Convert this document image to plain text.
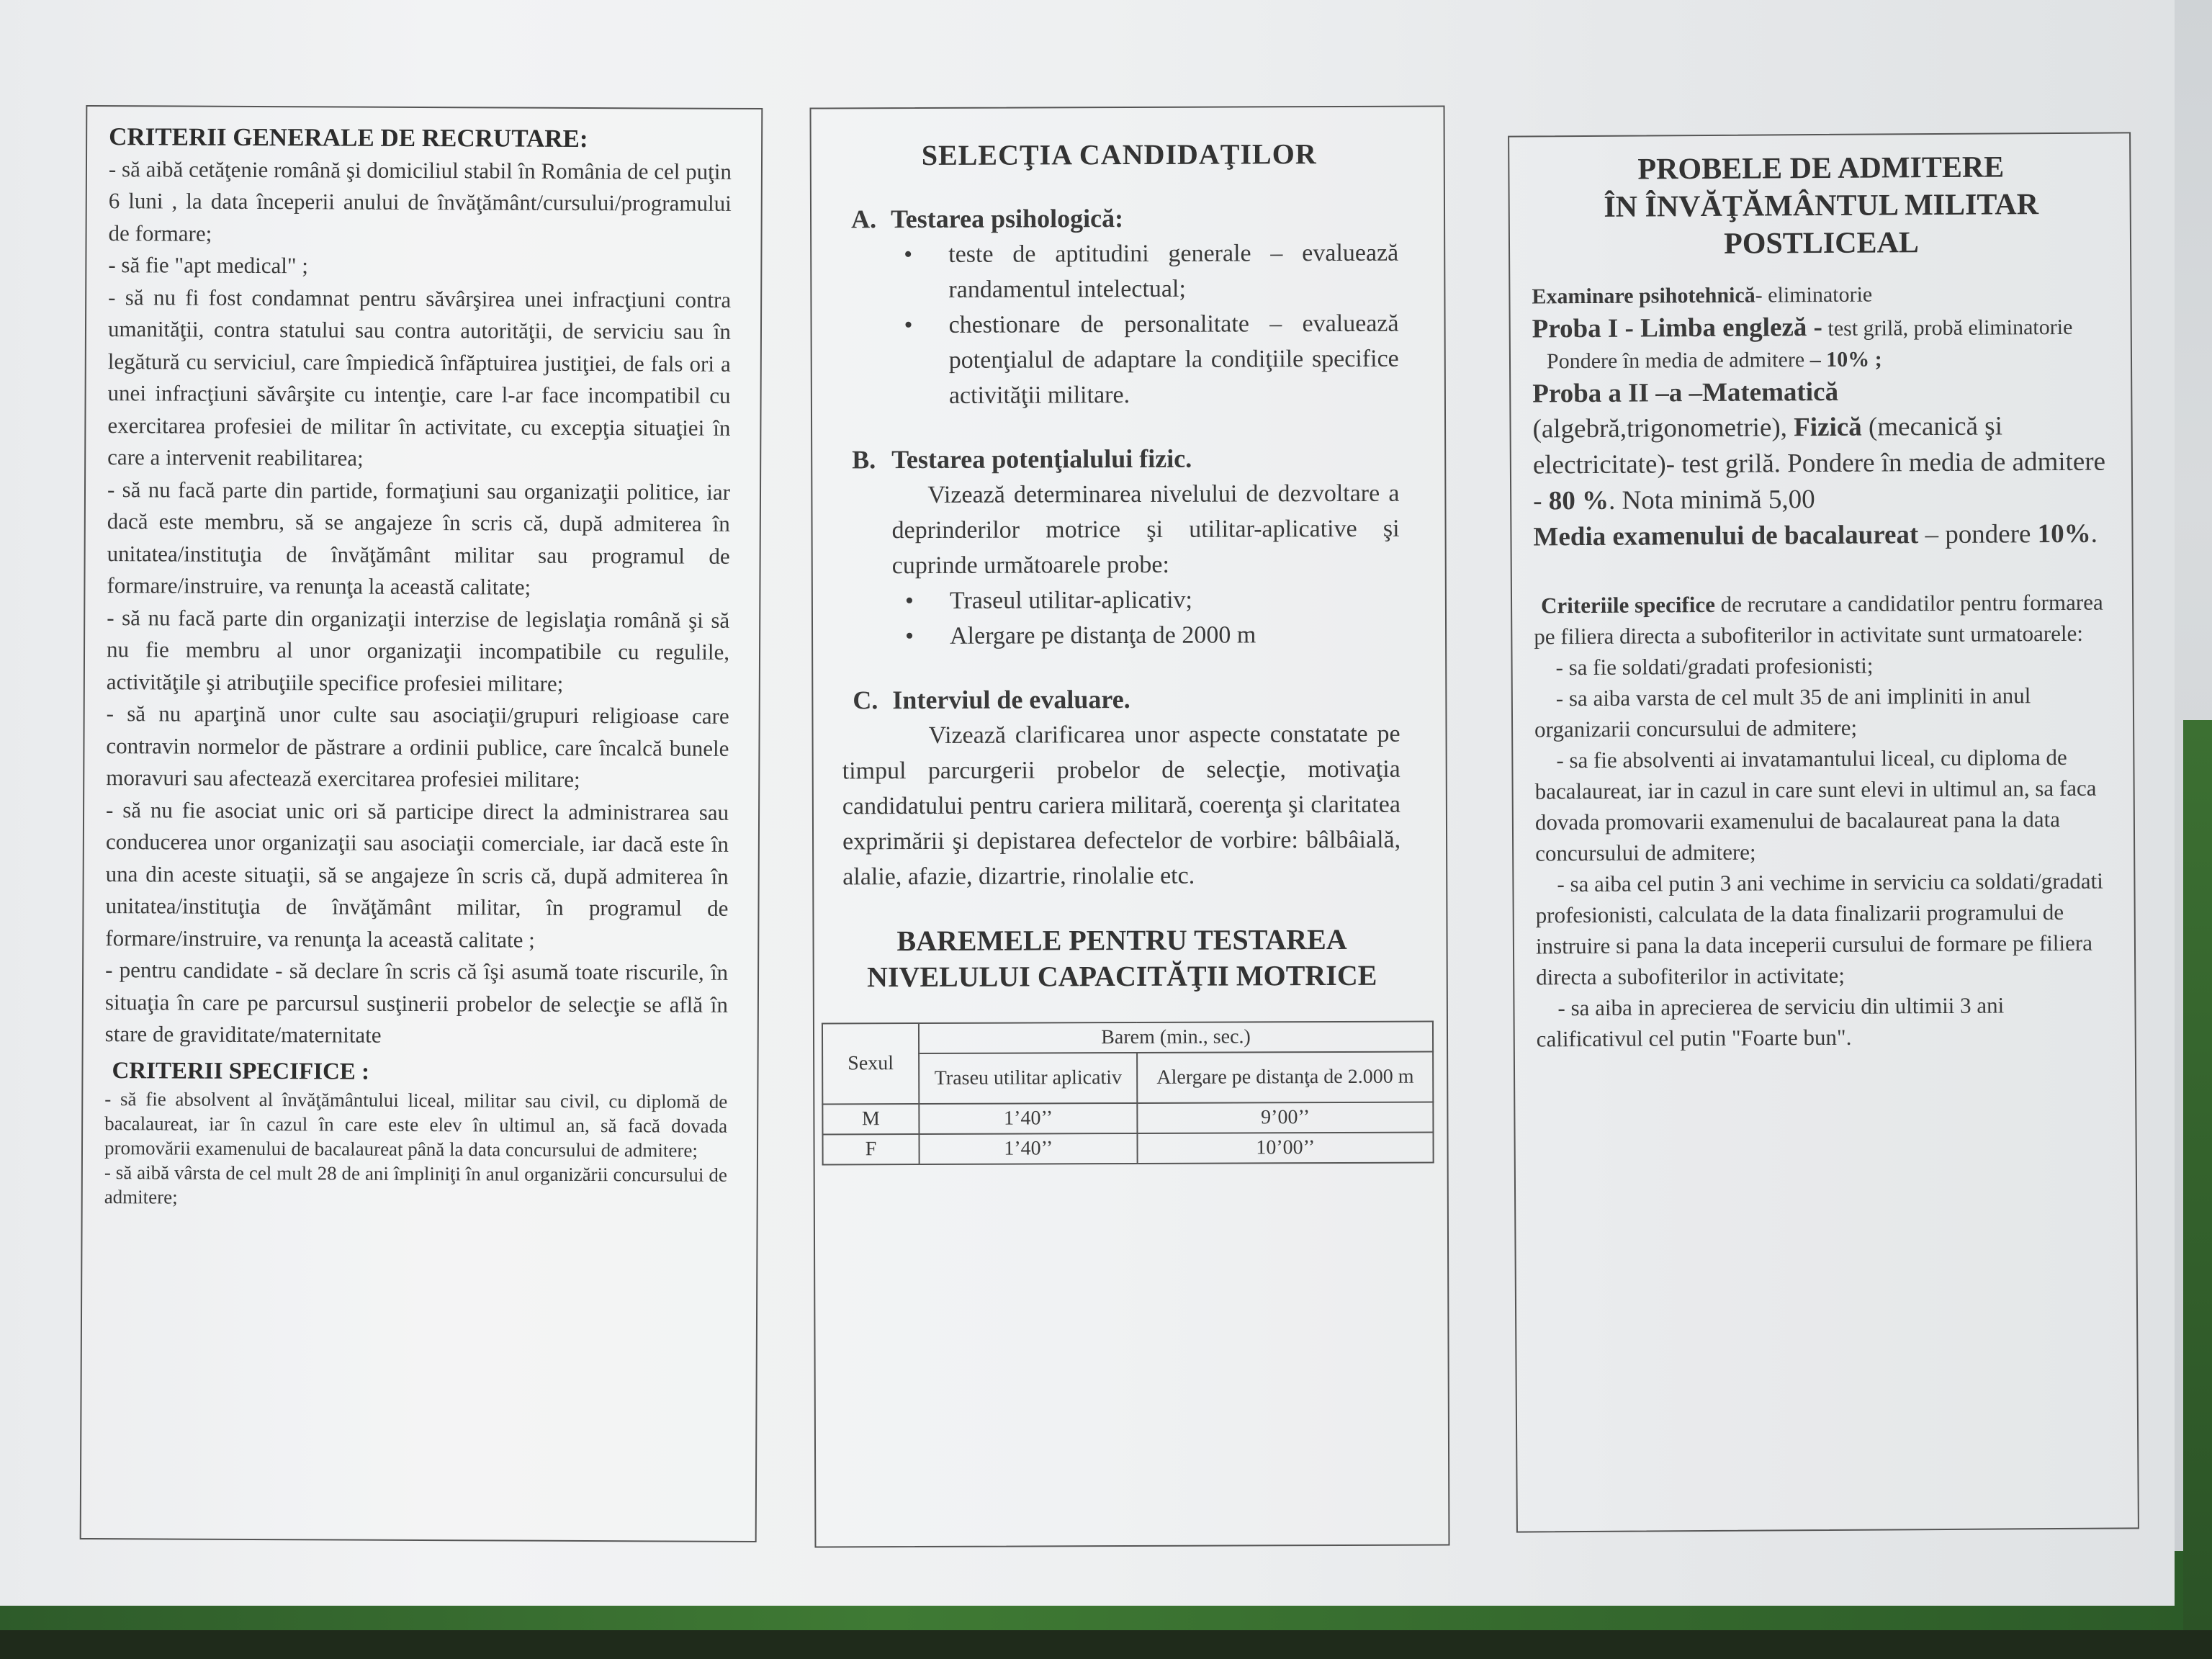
CRITERII GENERALE DE RECRUTARE:

- să aibă cetăţenie română şi domiciliul stabil în România de cel puţin 6 luni , la data începerii anului de învăţământ/cursului/programului de formare;

- să fie "apt medical" ;

- să nu fi fost condamnat pentru săvârşirea unei infracţiuni contra umanităţii, contra statului sau contra autorităţii, de serviciu sau în legătură cu serviciul, care împiedică înfăptuirea justiţiei, de fals ori a unei infracţiuni săvârşite cu intenţie, care l-ar face incompatibil cu exercitarea profesiei de militar în activitate, cu excepţia situaţiei în care a intervenit reabilitarea;

- să nu facă parte din partide, formaţiuni sau organizaţii politice, iar dacă este membru, să se angajeze în scris că, după admiterea în unitatea/instituţia de învăţământ militar sau programul de formare/instruire, va renunţa la această calitate;

- să nu facă parte din organizaţii interzise de legislaţia română şi să nu fie membru al unor organizaţii incompatibile cu regulile, activităţile şi atribuţiile specifice profesiei militare;

- să nu aparţină unor culte sau asociaţii/grupuri religioase care contravin normelor de păstrare a ordinii publice, care încalcă bunele moravuri sau afectează exercitarea profesiei militare;

- să nu fie asociat unic ori să participe direct la administrarea sau conducerea unor organizaţii sau asociaţii comerciale, iar dacă este în una din aceste situaţii, să se angajeze în scris că, după admiterea în unitatea/instituţia de învăţământ militar, în programul de formare/instruire, va renunţa la această calitate ;

- pentru candidate - să declare în scris că îşi asumă toate riscurile, în situaţia în care pe parcursul susţinerii probelor de selecţie se află în stare de graviditate/maternitate

CRITERII SPECIFICE :

- să fie absolvent al învăţământului liceal, militar sau civil, cu diplomă de bacalaureat, iar în cazul în care este elev în ultimul an, să facă dovada promovării examenului de bacalaureat până la data concursului de admitere;

- să aibă vârsta de cel mult 28 de ani împliniţi în anul organizării concursului de admitere;

SELECŢIA CANDIDAŢILOR
A. Testarea psihologică:
• teste de aptitudini generale – evaluează randamentul intelectual;
• chestionare de personalitate – evaluează potenţialul de adaptare la condiţiile specifice activităţii militare.
B. Testarea potenţialului fizic.
Vizează determinarea nivelului de dezvoltare a deprinderilor motrice şi utilitar-aplicative şi cuprinde următoarele probe:
• Traseul utilitar-aplicativ;
• Alergare pe distanţa de 2000 m
C. Interviul de evaluare.
Vizează clarificarea unor aspecte constatate pe timpul parcurgerii probelor de selecţie, motivaţia candidatului pentru cariera militară, coerenţa şi claritatea exprimării şi depistarea defectelor de vorbire: bâlbâială, alalie, afazie, dizartrie, rinolalie etc.
BAREMELE PENTRU TESTAREA
NIVELULUI CAPACITĂŢII MOTRICE
Sexul	Barem (min., sec.)	
	Traseu utilitar aplicativ	Alergare pe distanţa de 2.000 m
M	1’40’’	9’00’’
F	1’40’’	10’00’’
PROBELE DE ADMITERE
ÎN ÎNVĂŢĂMÂNTUL MILITAR
POSTLICEAL

Examinare psihotehnică- eliminatorie

Proba I - Limba engleză - test grilă, probă eliminatorie

Pondere în media de admitere – 10% ;

Proba a II –a –Matematică

(algebră,trigonometrie), Fizică (mecanică şi electricitate)- test grilă. Pondere în media de admitere - 80 %. Nota minimă 5,00

Media examenului de bacalaureat – pondere 10%.

Criteriile specifice de recrutare a candidatilor pentru formarea pe filiera directa a subofiterilor in activitate sunt urmatoarele:

- sa fie soldati/gradati profesionisti;

- sa aiba varsta de cel mult 35 de ani impliniti in anul organizarii concursului de admitere;

- sa fie absolventi ai invatamantului liceal, cu diploma de bacalaureat, iar in cazul in care sunt elevi in ultimul an, sa faca dovada promovarii examenului de bacalaureat pana la data concursului de admitere;

- sa aiba cel putin 3 ani vechime in serviciu ca soldati/gradati profesionisti, calculata de la data finalizarii programului de instruire si pana la data inceperii cursului de formare pe filiera directa a subofiterilor in activitate;

- sa aiba in aprecierea de serviciu din ultimii 3 ani calificativul cel putin "Foarte bun".
